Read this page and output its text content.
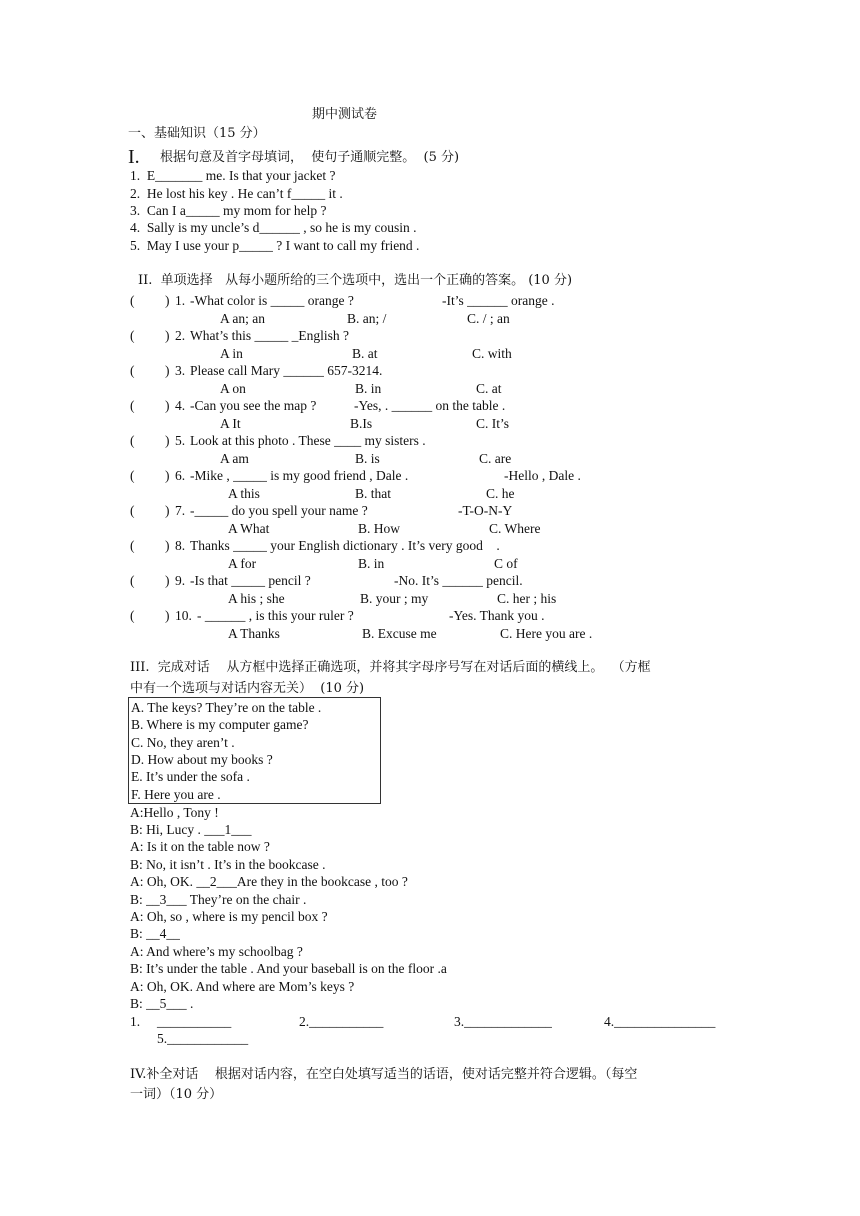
期中测试卷
一、基础知识（15 分）
I. 根据句意及首字母填词，  使句子通顺完整。  (5 分)
1.  E_______ me. Is that your jacket ?
2.  He lost his key . He can’t f_____ it .
3.  Can I a_____ my mom for help ?
4.  Sally is my uncle’s d______ , so he is my cousin .
5.  May I use your p_____ ? I want to call my friend .
II.  单项选择   从每小题所给的三个选项中，选出一个正确的答案。 (10 分)
( ) 1. -What color is _____ orange ?	-It’s ______ orange .
A an; an	B. an; /	C. / ; an
( ) 2. What’s this _____ _English ?
A in	B. at	C. with
( ) 3. Please call Mary ______ 657-3214.
A on	B. in	C. at
( ) 4. -Can you see the map ?	-Yes, . ______ on the table .
A It	B.Is	C. It’s
( ) 5. Look at this photo . These ____ my sisters .
A am	B. is	C. are
( ) 6. -Mike , _____ is my good friend , Dale .	-Hello , Dale .
A this	B. that	C. he
( ) 7. -_____ do you spell your name ?	-T-O-N-Y
A What	B. How	C. Where
( ) 8. Thanks _____ your English dictionary . It’s very good    .
A for	B. in	C of
( ) 9. -Is that _____ pencil ?	-No. It’s ______ pencil.
A his ; she	B. your ; my	C. her ; his
( ) 10. - ______ , is this your ruler ?	-Yes. Thank you .
A Thanks	B. Excuse me	C. Here you are .
III.  完成对话    从方框中选择正确选项，并将其字母序号写在对话后面的横线上。  （方框
中有一个选项与对话内容无关）  (10 分)
A. The keys? They’re on the table .
B. Where is my computer game?
C. No, they aren’t .
D. How about my books ?
E. It’s under the sofa .
F. Here you are .
A:Hello , Tony !
B: Hi, Lucy . ___1___
A: Is it on the table now ?
B: No, it isn’t . It’s in the bookcase .
A: Oh, OK. __2___Are they in the bookcase , too ?
B: __3___ They’re on the chair .
A: Oh, so , where is my pencil box ?
B: __4__
A: And where’s my schoolbag ?
B: It’s under the table . And your baseball is on the floor .a
A: Oh, OK. And where are Mom’s keys ?
B: __5___ .
1. ___________	2.___________	3._____________	4._______________
5.____________
IV.补全对话    根据对话内容，在空白处填写适当的话语，使对话完整并符合逻辑。（每空
一词）（10 分）
